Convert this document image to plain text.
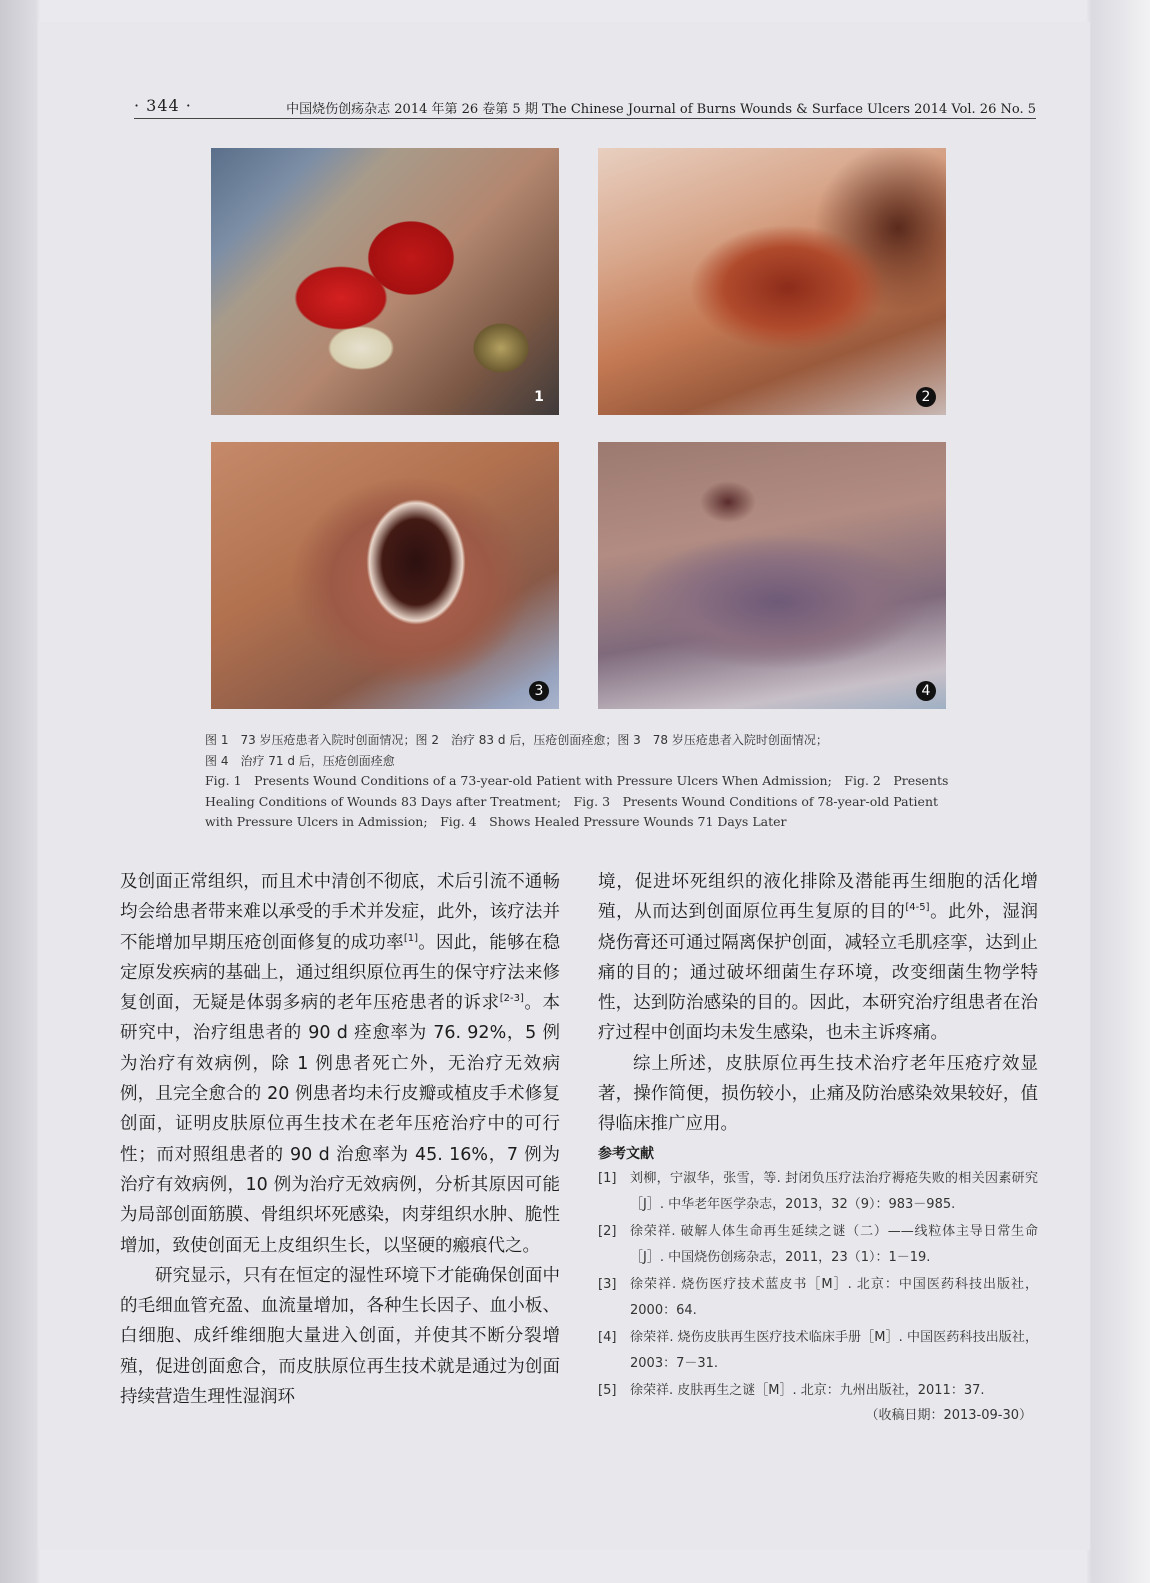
· 344 ·	中国烧伤创疡杂志 2014 年第 26 卷第 5 期 The Chinese Journal of Burns Wounds & Surface Ulcers 2014 Vol. 26 No. 5
1	2
3	4
图 1　73 岁压疮患者入院时创面情况；图 2　治疗 83 d 后，压疮创面痊愈；图 3　78 岁压疮患者入院时创面情况；
图 4　治疗 71 d 后，压疮创面痊愈
Fig. 1　Presents Wound Conditions of a 73-year-old Patient with Pressure Ulcers When Admission;　Fig. 2　Presents Healing Conditions of Wounds 83 Days after Treatment;　Fig. 3　Presents Wound Conditions of 78-year-old Patient with Pressure Ulcers in Admission;　Fig. 4　Shows Healed Pressure Wounds 71 Days Later

及创面正常组织，而且术中清创不彻底，术后引流不通畅均会给患者带来难以承受的手术并发症，此外，该疗法并不能增加早期压疮创面修复的成功率[1]。因此，能够在稳定原发疾病的基础上，通过组织原位再生的保守疗法来修复创面，无疑是体弱多病的老年压疮患者的诉求[2-3]。本研究中，治疗组患者的 90 d 痊愈率为 76. 92%，5 例为治疗有效病例，除 1 例患者死亡外，无治疗无效病例，且完全愈合的 20 例患者均未行皮瓣或植皮手术修复创面，证明皮肤原位再生技术在老年压疮治疗中的可行性；而对照组患者的 90 d 治愈率为 45. 16%，7 例为治疗有效病例，10 例为治疗无效病例，分析其原因可能为局部创面筋膜、骨组织坏死感染，肉芽组织水肿、脆性增加，致使创面无上皮组织生长，以坚硬的瘢痕代之。

研究显示，只有在恒定的湿性环境下才能确保创面中的毛细血管充盈、血流量增加，各种生长因子、血小板、白细胞、成纤维细胞大量进入创面，并使其不断分裂增殖，促进创面愈合，而皮肤原位再生技术就是通过为创面持续营造生理性湿润环

境，促进坏死组织的液化排除及潜能再生细胞的活化增殖，从而达到创面原位再生复原的目的[4-5]。此外，湿润烧伤膏还可通过隔离保护创面，减轻立毛肌痉挛，达到止痛的目的；通过破坏细菌生存环境，改变细菌生物学特性，达到防治感染的目的。因此，本研究治疗组患者在治疗过程中创面均未发生感染，也未主诉疼痛。

综上所述，皮肤原位再生技术治疗老年压疮疗效显著，操作简便，损伤较小，止痛及防治感染效果较好，值得临床推广应用。

参考文献
[1]	刘柳，宁淑华，张雪，等. 封闭负压疗法治疗褥疮失败的相关因素研究［J］. 中华老年医学杂志，2013，32（9）：983－985.
[2]	徐荣祥. 破解人体生命再生延续之谜（二）——线粒体主导日常生命［J］. 中国烧伤创疡杂志，2011，23（1）：1－19.
[3]	徐荣祥. 烧伤医疗技术蓝皮书［M］. 北京：中国医药科技出版社，2000：64.
[4]	徐荣祥. 烧伤皮肤再生医疗技术临床手册［M］. 中国医药科技出版社，2003：7－31.
[5]	徐荣祥. 皮肤再生之谜［M］. 北京：九州出版社，2011：37.
（收稿日期：2013-09-30）
